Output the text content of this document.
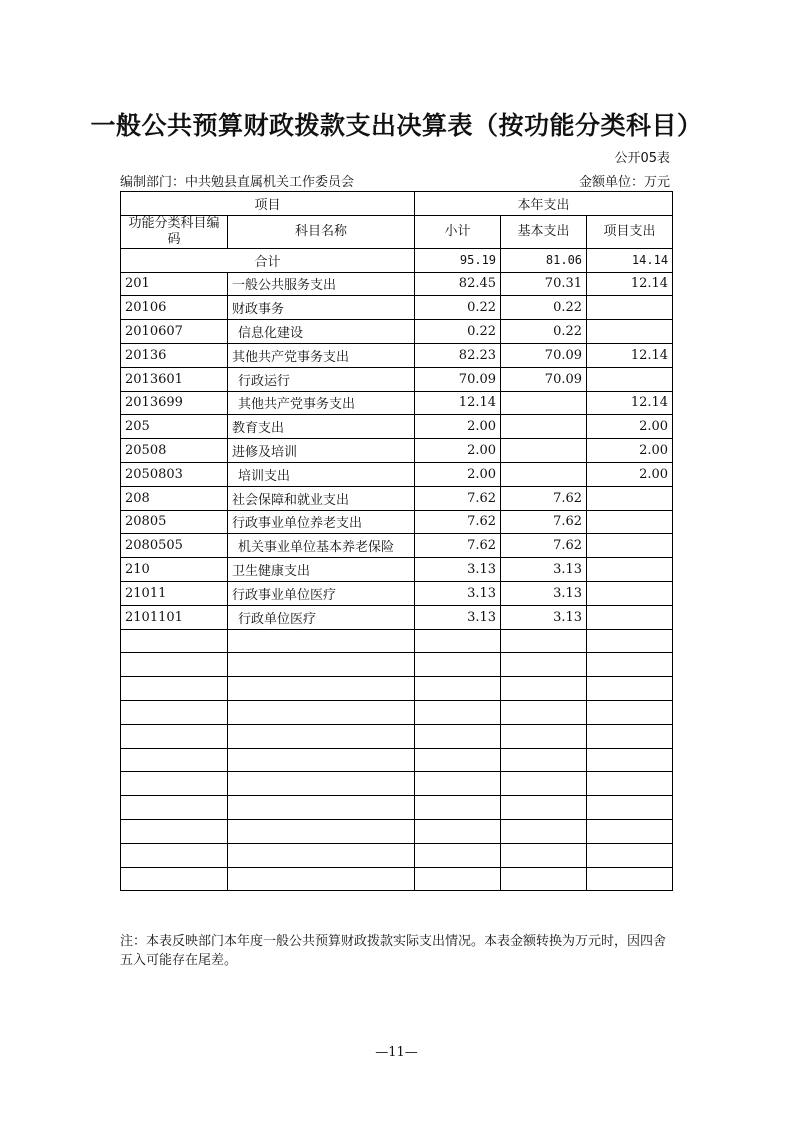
一般公共预算财政拨款支出决算表（按功能分类科目）
公开05表
编制部门：中共勉县直属机关工作委员会	金额单位：万元
项目		本年支出		
功能分类科目编码	科目名称	小计	基本支出	项目支出
合计		95.19	81.06	14.14
201	一般公共服务支出	82.45	70.31	12.14
20106	财政事务	0.22	0.22	
2010607	信息化建设	0.22	0.22	
20136	其他共产党事务支出	82.23	70.09	12.14
2013601	行政运行	70.09	70.09	
2013699	其他共产党事务支出	12.14		12.14
205	教育支出	2.00		2.00
20508	进修及培训	2.00		2.00
2050803	培训支出	2.00		2.00
208	社会保障和就业支出	7.62	7.62	
20805	行政事业单位养老支出	7.62	7.62	
2080505	机关事业单位基本养老保险	7.62	7.62	
210	卫生健康支出	3.13	3.13	
21011	行政事业单位医疗	3.13	3.13	
2101101	行政单位医疗	3.13	3.13	

注：本表反映部门本年度一般公共预算财政拨款实际支出情况。本表金额转换为万元时，因四舍五入可能存在尾差。
—11—
